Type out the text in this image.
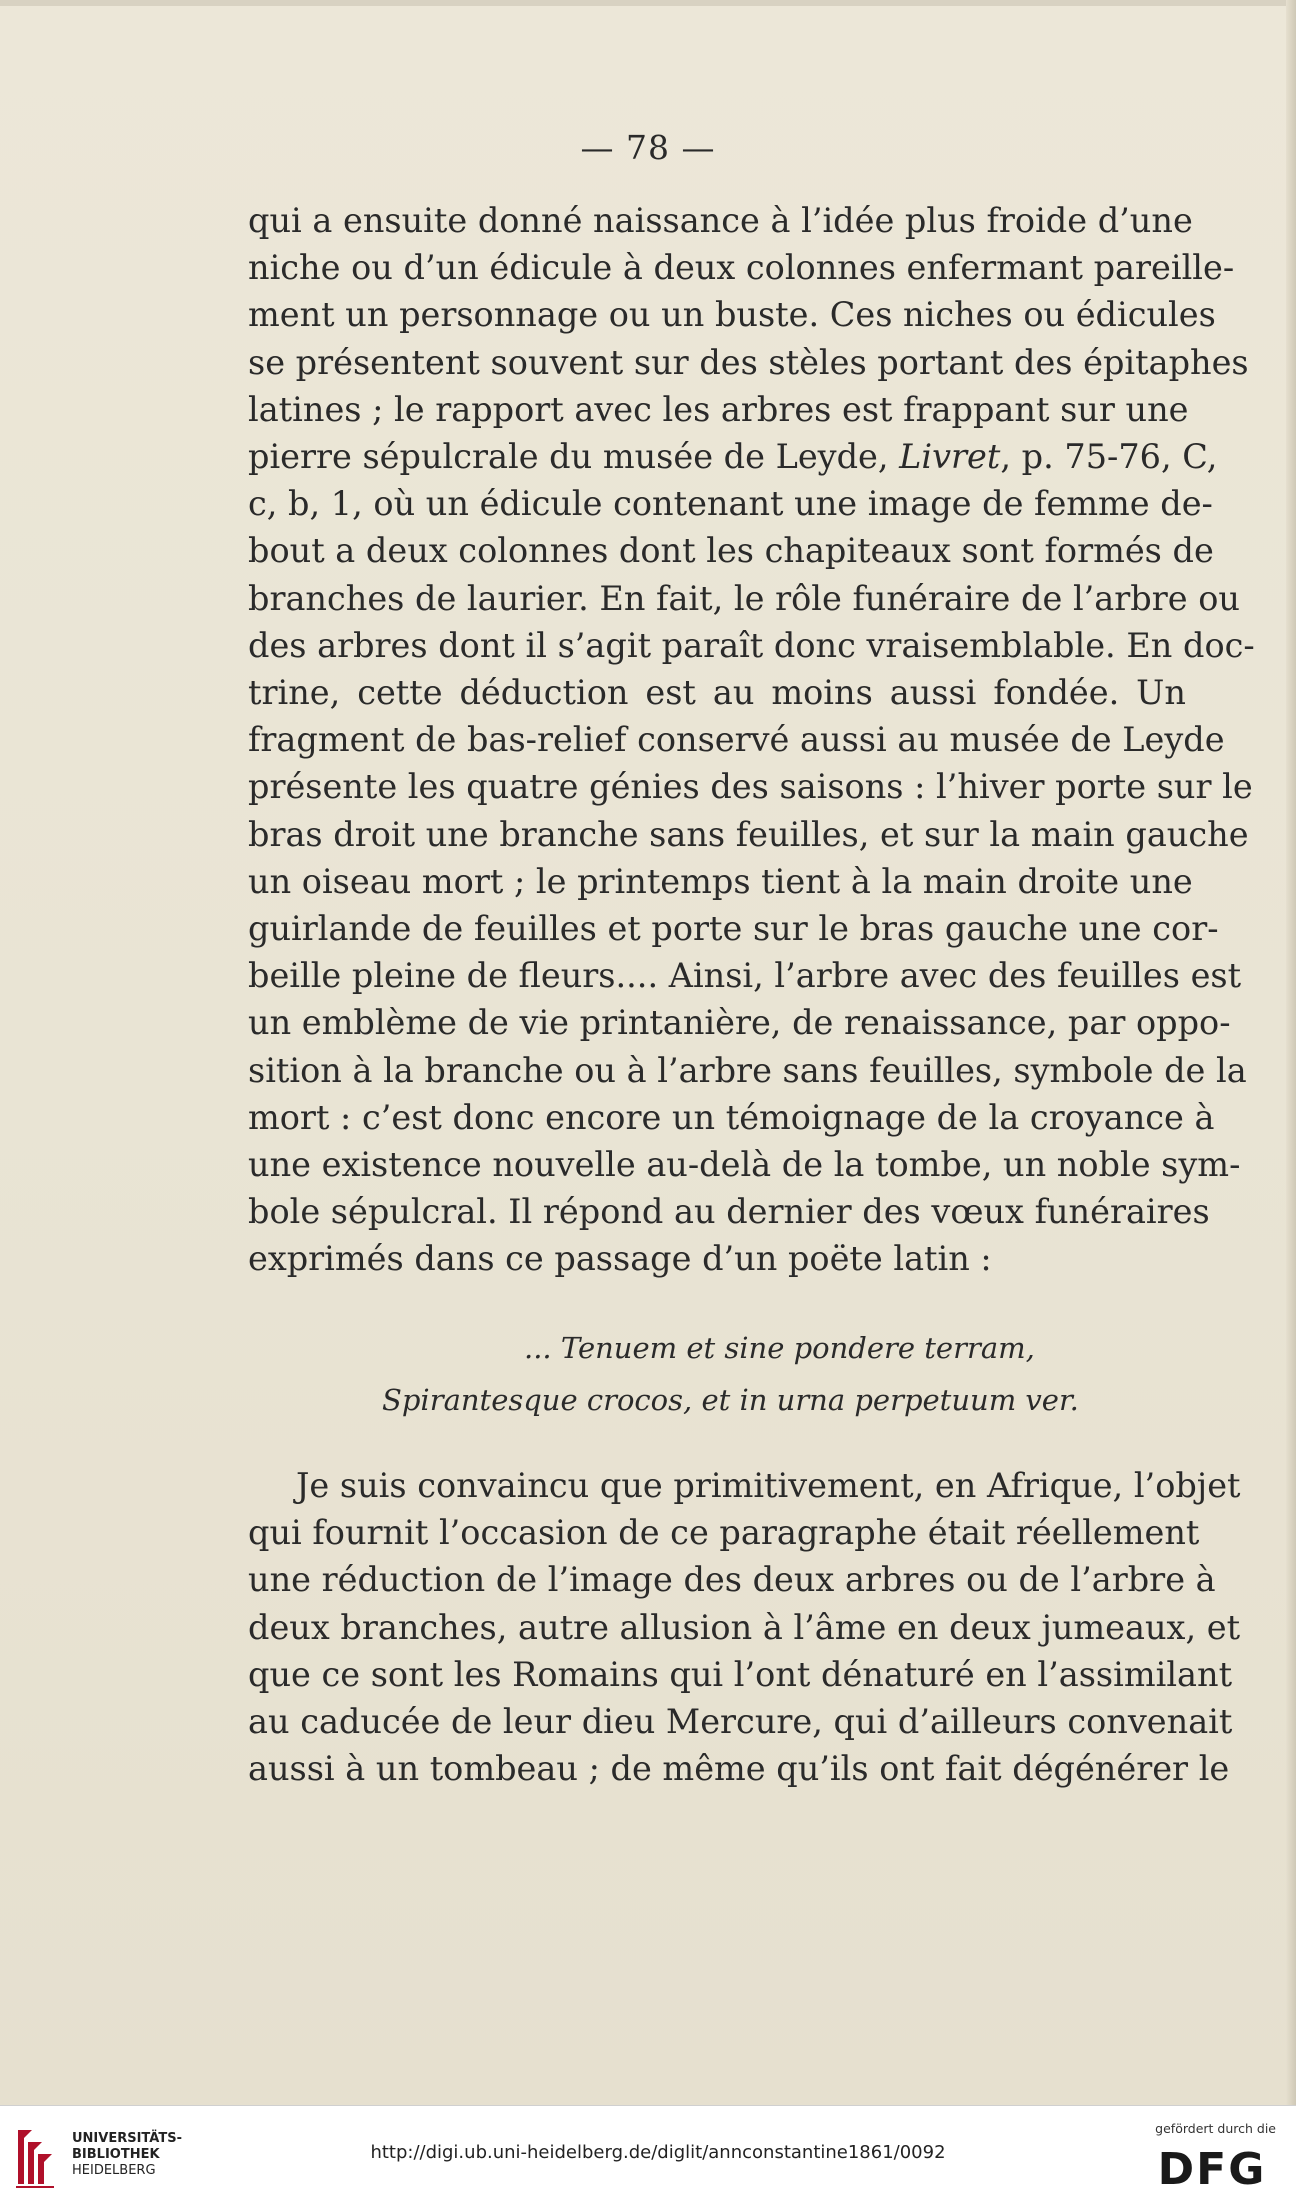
— 78 —
qui a ensuite donné naissance à l’idée plus froide d’une
niche ou d’un édicule à deux colonnes enfermant pareille-
ment un personnage ou un buste. Ces niches ou édicules
se présentent souvent sur des stèles portant des épitaphes
latines ; le rapport avec les arbres est frappant sur une
pierre sépulcrale du musée de Leyde, Livret, p. 75-76, C,
c, b, 1, où un édicule contenant une image de femme de-
bout a deux colonnes dont les chapiteaux sont formés de
branches de laurier. En fait, le rôle funéraire de l’arbre ou
des arbres dont il s’agit paraît donc vraisemblable. En doc-
trine, cette déduction est au moins aussi fondée. Un
fragment de bas-relief conservé aussi au musée de Leyde
présente les quatre génies des saisons : l’hiver porte sur le
bras droit une branche sans feuilles, et sur la main gauche
un oiseau mort ; le printemps tient à la main droite une
guirlande de feuilles et porte sur le bras gauche une cor-
beille pleine de fleurs.... Ainsi, l’arbre avec des feuilles est
un emblème de vie printanière, de renaissance, par oppo-
sition à la branche ou à l’arbre sans feuilles, symbole de la
mort : c’est donc encore un témoignage de la croyance à
une existence nouvelle au-delà de la tombe, un noble sym-
bole sépulcral. Il répond au dernier des vœux funéraires
exprimés dans ce passage d’un poëte latin :
... Tenuem et sine pondere terram,
Spirantesque crocos, et in urna perpetuum ver.
Je suis convaincu que primitivement, en Afrique, l’objet
qui fournit l’occasion de ce paragraphe était réellement
une réduction de l’image des deux arbres ou de l’arbre à
deux branches, autre allusion à l’âme en deux jumeaux, et
que ce sont les Romains qui l’ont dénaturé en l’assimilant
au caducée de leur dieu Mercure, qui d’ailleurs convenait
aussi à un tombeau ; de même qu’ils ont fait dégénérer le
UNIVERSITÄTS-
BIBLIOTHEK
HEIDELBERG
http://digi.ub.uni-heidelberg.de/diglit/annconstantine1861/0092
gefördert durch die
DFG
